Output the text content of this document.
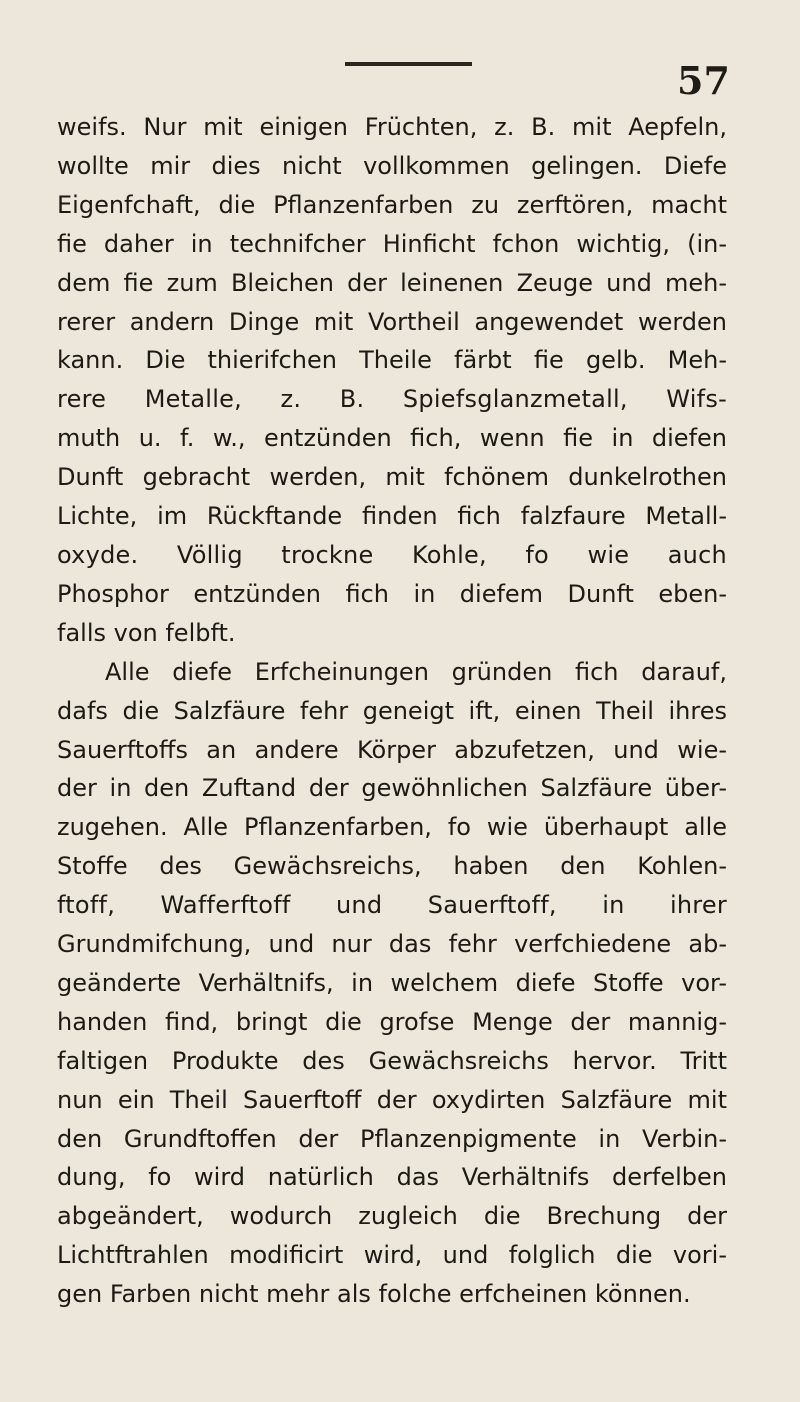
57
weifs. Nur mit einigen Früchten, z. B. mit Aepfeln,
wollte mir dies nicht vollkommen gelingen. Diefe
Eigenfchaft, die Pflanzenfarben zu zerftören, macht
fie daher in technifcher Hinficht fchon wichtig, (in-
dem fie zum Bleichen der leinenen Zeuge und meh-
rerer andern Dinge mit Vortheil angewendet werden
kann. Die thierifchen Theile färbt fie gelb. Meh-
rere Metalle, z. B. Spiefsglanzmetall, Wifs-
muth u. f. w., entzünden fich, wenn fie in diefen
Dunft gebracht werden, mit fchönem dunkelrothen
Lichte, im Rückftande finden fich falzfaure Metall-
oxyde. Völlig trockne Kohle, fo wie auch
Phosphor entzünden fich in diefem Dunft eben-
falls von felbft.
Alle diefe Erfcheinungen gründen fich darauf,
dafs die Salzfäure fehr geneigt ift, einen Theil ihres
Sauerftoffs an andere Körper abzufetzen, und wie-
der in den Zuftand der gewöhnlichen Salzfäure über-
zugehen. Alle Pflanzenfarben, fo wie überhaupt alle
Stoffe des Gewächsreichs, haben den Kohlen-
ftoff, Wafferftoff und Sauerftoff, in ihrer
Grundmifchung, und nur das fehr verfchiedene ab-
geänderte Verhältnifs, in welchem diefe Stoffe vor-
handen find, bringt die grofse Menge der mannig-
faltigen Produkte des Gewächsreichs hervor. Tritt
nun ein Theil Sauerftoff der oxydirten Salzfäure mit
den Grundftoffen der Pflanzenpigmente in Verbin-
dung, fo wird natürlich das Verhältnifs derfelben
abgeändert, wodurch zugleich die Brechung der
Lichtftrahlen modificirt wird, und folglich die vori-
gen Farben nicht mehr als folche erfcheinen können.
